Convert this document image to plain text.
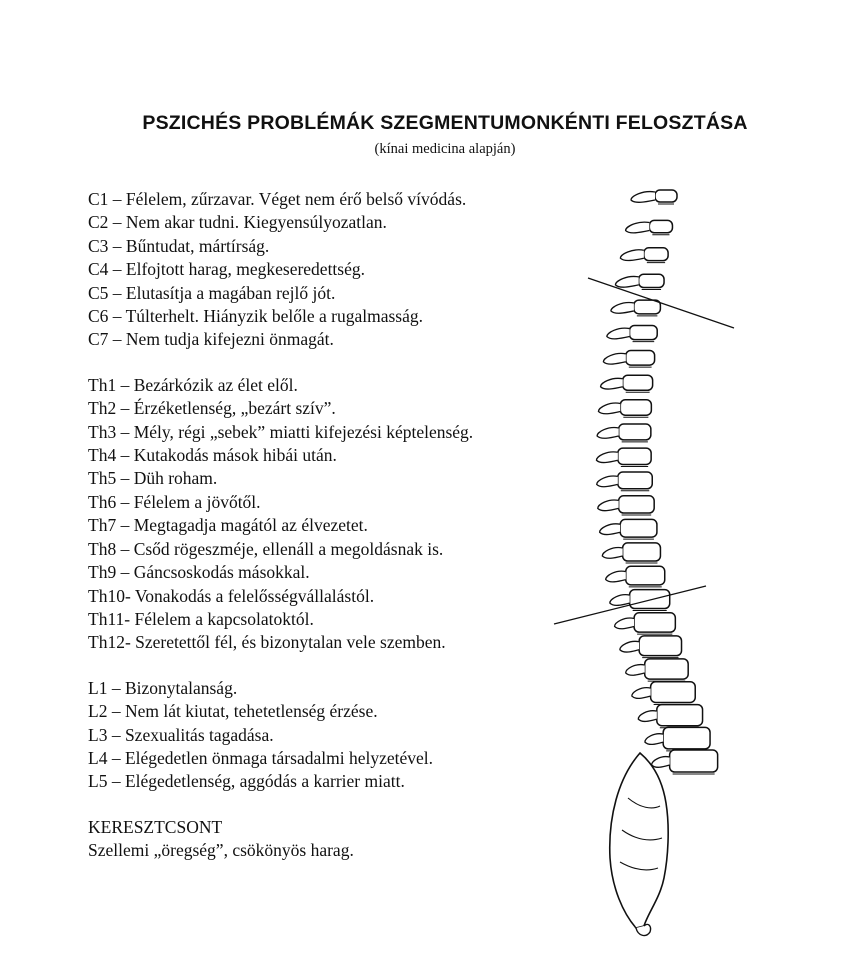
PSZICHÉS PROBLÉMÁK SZEGMENTUMONKÉNTI FELOSZTÁSA
(kínai medicina alapján)
C1 – Félelem, zűrzavar. Véget nem érő belső vívódás.
C2 – Nem akar tudni. Kiegyensúlyozatlan.
C3 – Bűntudat, mártírság.
C4 – Elfojtott harag, megkeseredettség.
C5 – Elutasítja a magában rejlő jót.
C6 – Túlterhelt. Hiányzik belőle a rugalmasság.
C7 – Nem tudja kifejezni önmagát.
Th1 – Bezárkózik az élet elől.
Th2 – Érzéketlenség, „bezárt szív”.
Th3 – Mély, régi „sebek” miatti kifejezési képtelenség.
Th4 – Kutakodás mások hibái után.
Th5 – Düh roham.
Th6 – Félelem a jövőtől.
Th7 – Megtagadja magától az élvezetet.
Th8 – Csőd rögeszméje, ellenáll a megoldásnak is.
Th9 – Gáncsoskodás másokkal.
Th10- Vonakodás a felelősségvállalástól.
Th11- Félelem a kapcsolatoktól.
Th12- Szeretettől fél, és bizonytalan vele szemben.
L1 – Bizonytalanság.
L2 – Nem lát kiutat, tehetetlenség érzése.
L3 – Szexualitás tagadása.
L4 – Elégedetlen önmaga társadalmi helyzetével.
L5 – Elégedetlenség, aggódás a karrier miatt.
KERESZTCSONT
Szellemi „öregség”, csökönyös harag.
